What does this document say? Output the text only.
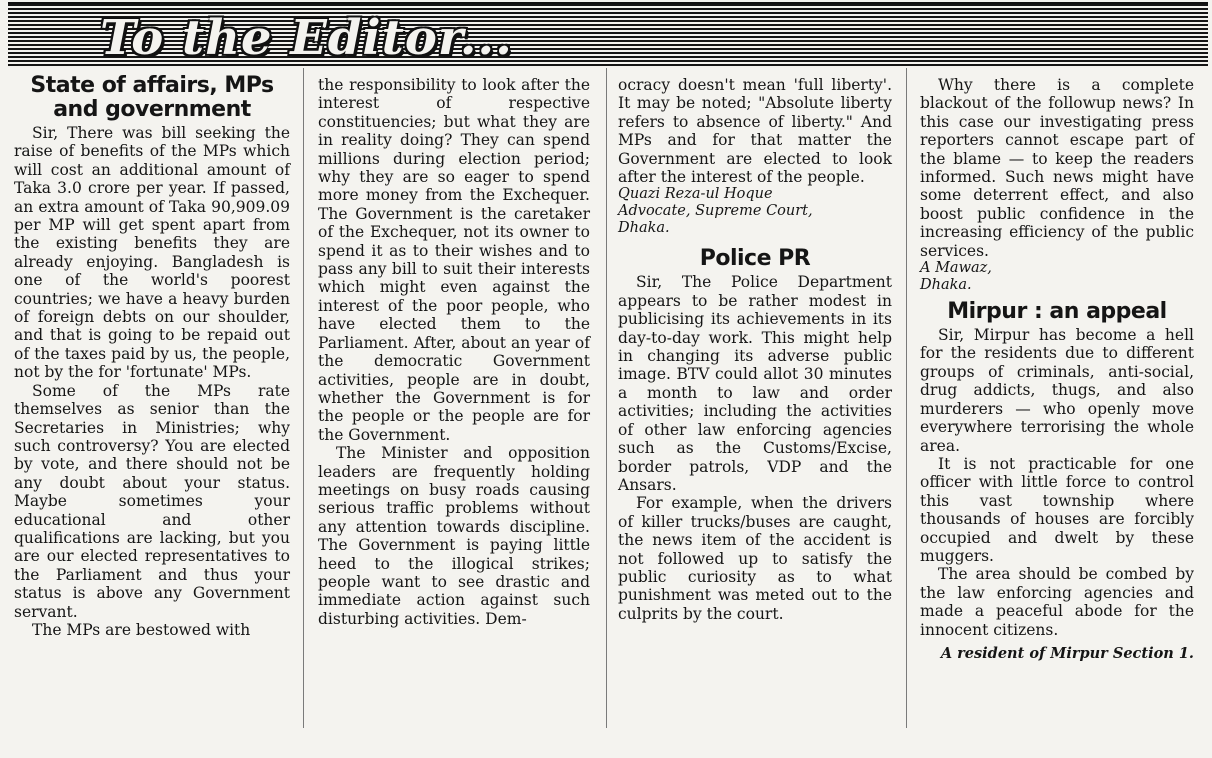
To the Editor...
State of affairs, MPs and government

Sir, There was bill seeking the raise of benefits of the MPs which will cost an additional amount of Taka 3.0 crore per year. If passed, an extra amount of Taka 90,909.09 per MP will get spent apart from the existing benefits they are already enjoying. Bangladesh is one of the world's poorest countries; we have a heavy burden of foreign debts on our shoulder, and that is going to be repaid out of the taxes paid by us, the people, not by the for 'fortunate' MPs.

Some of the MPs rate themselves as senior than the Secretaries in Ministries; why such controversy? You are elected by vote, and there should not be any doubt about your status. Maybe sometimes your educational and other qualifications are lacking, but you are our elected representatives to the Parliament and thus your status is above any Government servant.

The MPs are bestowed with

the responsibility to look after the interest of respective constituencies; but what they are in reality doing? They can spend millions during election period; why they are so eager to spend more money from the Exchequer. The Government is the caretaker of the Exchequer, not its owner to spend it as to their wishes and to pass any bill to suit their interests which might even against the interest of the poor people, who have elected them to the Parliament. After, about an year of the democratic Government activities, people are in doubt, whether the Government is for the people or the people are for the Government.

The Minister and opposition leaders are frequently holding meetings on busy roads causing serious traffic problems without any attention towards discipline. The Government is paying little heed to the illogical strikes; people want to see drastic and immediate action against such disturbing activities. Dem-

ocracy doesn't mean 'full liberty'. It may be noted; "Absolute liberty refers to absence of liberty." And MPs and for that matter the Government are elected to look after the interest of the people.

Quazi Reza-ul Hoque
Advocate, Supreme Court,
Dhaka.
Police PR

Sir, The Police Department appears to be rather modest in publicising its achievements in its day-to-day work. This might help in changing its adverse public image. BTV could allot 30 minutes a month to law and order activities; including the activities of other law enforcing agencies such as the Customs/Excise, border patrols, VDP and the Ansars.

For example, when the drivers of killer trucks/buses are caught, the news item of the accident is not followed up to satisfy the public curiosity as to what punishment was meted out to the culprits by the court.

Why there is a complete blackout of the followup news? In this case our investigating press reporters cannot escape part of the blame — to keep the readers informed. Such news might have some deterrent effect, and also boost public confidence in the increasing efficiency of the public services.

A Mawaz,
Dhaka.
Mirpur : an appeal

Sir, Mirpur has become a hell for the residents due to different groups of criminals, anti-social, drug addicts, thugs, and also murderers — who openly move everywhere terrorising the whole area.

It is not practicable for one officer with little force to control this vast township where thousands of houses are forcibly occupied and dwelt by these muggers.

The area should be combed by the law enforcing agencies and made a peaceful abode for the innocent citizens.

A resident of Mirpur Section 1.
